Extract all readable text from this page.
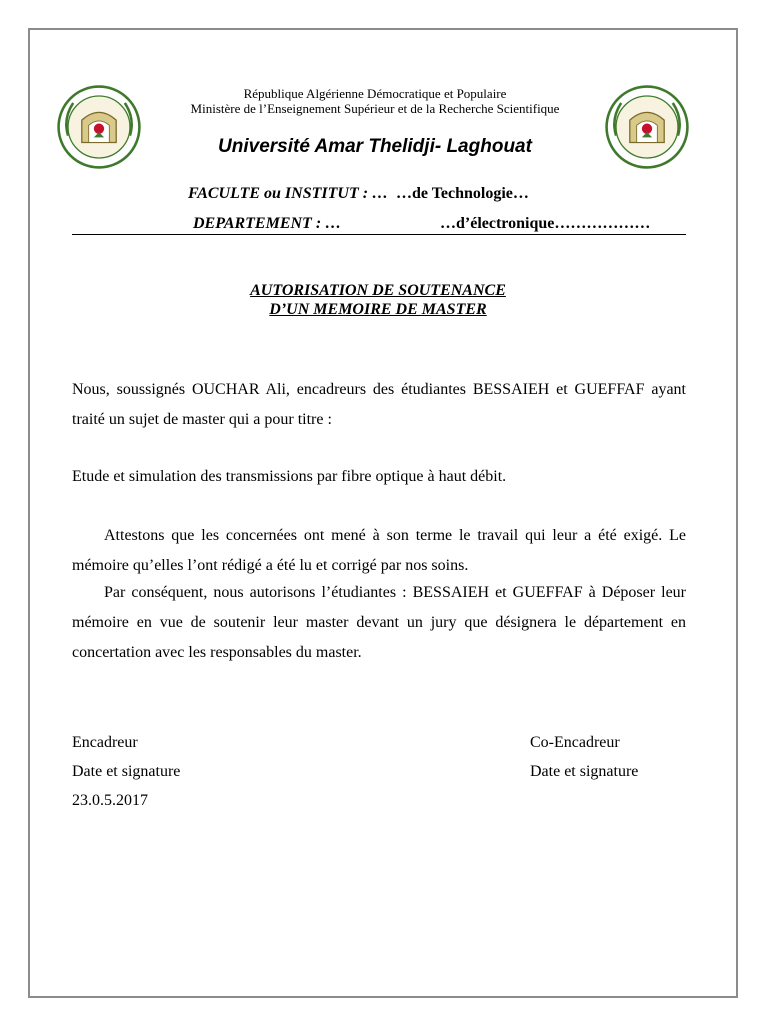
République Algérienne Démocratique et Populaire
Ministère de l’Enseignement Supérieur et de la Recherche Scientifique
Université Amar Thelidji- Laghouat
FACULTE ou INSTITUT : … …de Technologie…
DEPARTEMENT : …	…d’électronique………………
AUTORISATION DE SOUTENANCE
D’UN MEMOIRE DE MASTER
Nous, soussignés OUCHAR Ali, encadreurs des étudiantes BESSAIEH et GUEFFAF ayant traité un sujet de master qui a pour titre :
Etude et simulation des transmissions par fibre optique à haut débit.
Attestons que les concernées ont mené à son terme le travail qui leur a été exigé. Le mémoire qu’elles l’ont rédigé a été lu et corrigé par nos soins.
Par conséquent, nous autorisons l’étudiantes : BESSAIEH et GUEFFAF à Déposer leur mémoire en vue de soutenir leur master devant un jury que désignera le département en concertation avec les responsables du master.
Encadreur
Date et signature
23.0.5.2017
Co-Encadreur
Date et signature
